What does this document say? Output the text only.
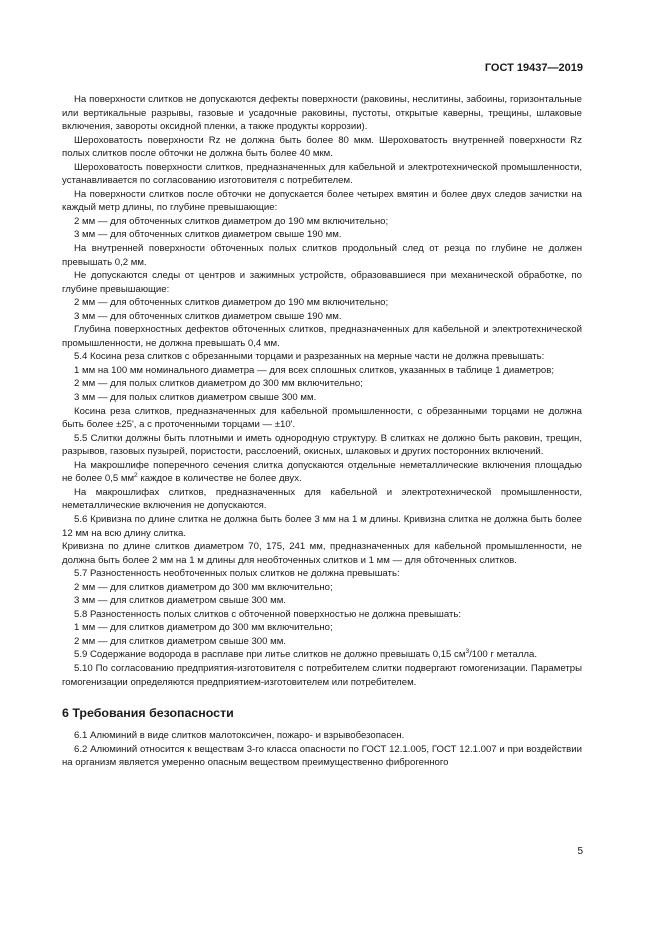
ГОСТ 19437—2019

На поверхности слитков не допускаются дефекты поверхности (раковины, неслитины, забоины, горизонтальные или вертикальные разрывы, газовые и усадочные раковины, пустоты, открытые каверны, трещины, шлаковые включения, завороты оксидной пленки, а также продукты коррозии).

Шероховатость поверхности Rz не должна быть более 80 мкм. Шероховатость внутренней поверхности Rz полых слитков после обточки не должна быть более 40 мкм.

Шероховатость поверхности слитков, предназначенных для кабельной и электротехнической промышленности, устанавливается по согласованию изготовителя с потребителем.

На поверхности слитков после обточки не допускается более четырех вмятин и более двух следов зачистки на каждый метр длины, по глубине превышающие:

2 мм — для обточенных слитков диаметром до 190 мм включительно;

3 мм — для обточенных слитков диаметром свыше 190 мм.

На внутренней поверхности обточенных полых слитков продольный след от резца по глубине не должен превышать 0,2 мм.

Не допускаются следы от центров и зажимных устройств, образовавшиеся при механической обработке, по глубине превышающие:

2 мм — для обточенных слитков диаметром до 190 мм включительно;

3 мм — для обточенных слитков диаметром свыше 190 мм.

Глубина поверхностных дефектов обточенных слитков, предназначенных для кабельной и электротехнической промышленности, не должна превышать 0,4 мм.

5.4 Косина реза слитков с обрезанными торцами и разрезанных на мерные части не должна превышать:

1 мм на 100 мм номинального диаметра — для всех сплошных слитков, указанных в таблице 1 диаметров;

2 мм — для полых слитков диаметром до 300 мм включительно;

3 мм — для полых слитков диаметром свыше 300 мм.

Косина реза слитков, предназначенных для кабельной промышленности, с обрезанными торцами не должна быть более ±25', а с проточенными торцами — ±10'.

5.5 Слитки должны быть плотными и иметь однородную структуру. В слитках не должно быть раковин, трещин, разрывов, газовых пузырей, пористости, расслоений, окисных, шлаковых и других посторонних включений.

На макрошлифе поперечного сечения слитка допускаются отдельные неметаллические включения площадью не более 0,5 $мм^2$ каждое в количестве не более двух.

На макрошлифах слитков, предназначенных для кабельной и электротехнической промышленности, неметаллические включения не допускаются.

5.6 Кривизна по длине слитка не должна быть более 3 мм на 1 м длины. Кривизна слитка не должна быть более 12 мм на всю длину слитка.

Кривизна по длине слитков диаметром 70, 175, 241 мм, предназначенных для кабельной промышленности, не должна быть более 2 мм на 1 м длины для необточенных слитков и 1 мм — для обточенных слитков.

5.7 Разностенность необточенных полых слитков не должна превышать:

2 мм — для слитков диаметром до 300 мм включительно;

3 мм — для слитков диаметром свыше 300 мм.

5.8 Разностенность полых слитков с обточенной поверхностью не должна превышать:

1 мм — для слитков диаметром до 300 мм включительно;

2 мм — для слитков диаметром свыше 300 мм.

5.9 Содержание водорода в расплаве при литье слитков не должно превышать 0,15 $см^3/100$ г металла.

5.10 По согласованию предприятия-изготовителя с потребителем слитки подвергают гомогенизации. Параметры гомогенизации определяются предприятием-изготовителем или потребителем.

6 Требования безопасности

6.1 Алюминий в виде слитков малотоксичен, пожаро- и взрывобезопасен.

6.2 Алюминий относится к веществам 3-го класса опасности по ГОСТ 12.1.005, ГОСТ 12.1.007 и при воздействии на организм является умеренно опасным веществом преимущественно фиброгенного

5
